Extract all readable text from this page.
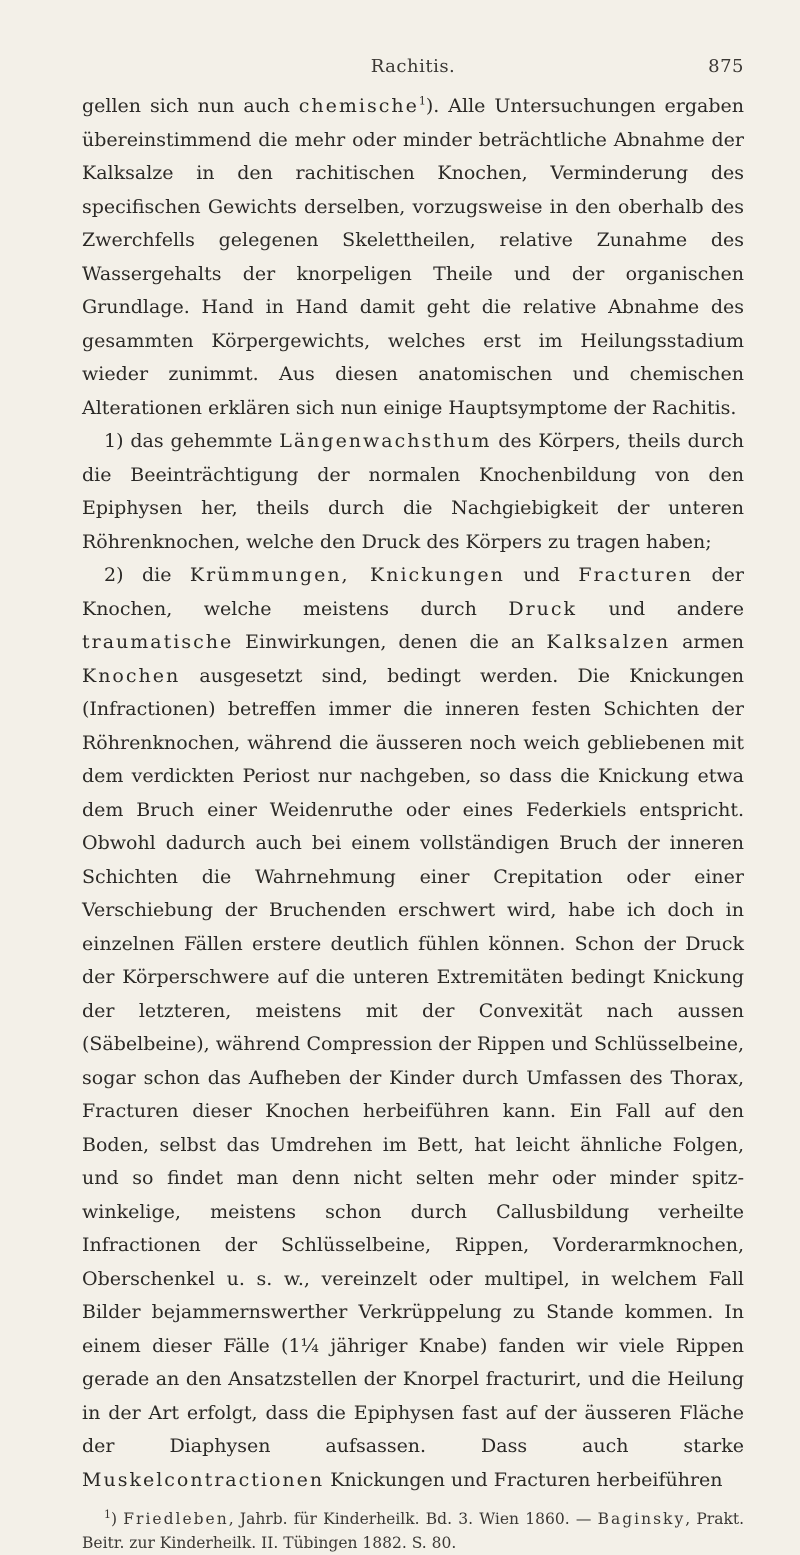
Rachitis.	875

gellen sich nun auch chemische$^1$). Alle Untersuchungen ergaben übereinstimmend die mehr oder minder beträchtliche Abnahme der Kalksalze in den rachitischen Knochen, Verminderung des specifischen Gewichts derselben, vorzugsweise in den oberhalb des Zwerchfells gelegenen Skelettheilen, relative Zunahme des Wassergehalts der knorpeligen Theile und der organischen Grundlage. Hand in Hand damit geht die relative Abnahme des gesammten Körpergewichts, welches erst im Heilungsstadium wieder zunimmt. Aus diesen anatomischen und chemischen Alterationen erklären sich nun einige Hauptsymptome der Rachitis.

1) das gehemmte Längenwachsthum des Körpers, theils durch die Beeinträchtigung der normalen Knochenbildung von den Epiphysen her, theils durch die Nachgiebigkeit der unteren Röhrenknochen, welche den Druck des Körpers zu tragen haben;

2) die Krümmungen, Knickungen und Fracturen der Knochen, welche meistens durch Druck und andere traumatische Einwirkungen, denen die an Kalksalzen armen Knochen ausgesetzt sind, bedingt werden. Die Knickungen (Infractionen) betreffen immer die inneren festen Schichten der Röhrenknochen, während die äusseren noch weich gebliebenen mit dem verdickten Periost nur nachgeben, so dass die Knickung etwa dem Bruch einer Weidenruthe oder eines Federkiels entspricht. Obwohl dadurch auch bei einem vollständigen Bruch der inneren Schichten die Wahrnehmung einer Crepitation oder einer Verschiebung der Bruchenden erschwert wird, habe ich doch in einzelnen Fällen erstere deutlich fühlen können. Schon der Druck der Körperschwere auf die unteren Extremitäten bedingt Knickung der letzteren, meistens mit der Convexität nach aussen (Säbelbeine), während Compression der Rippen und Schlüsselbeine, sogar schon das Aufheben der Kinder durch Umfassen des Thorax, Fracturen dieser Knochen herbeiführen kann. Ein Fall auf den Boden, selbst das Umdrehen im Bett, hat leicht ähnliche Folgen, und so findet man denn nicht selten mehr oder minder spitzwinkelige, meistens schon durch Callusbildung verheilte Infractionen der Schlüsselbeine, Rippen, Vorderarmknochen, Oberschenkel u. s. w., vereinzelt oder multipel, in welchem Fall Bilder bejammernswerther Verkrüppelung zu Stande kommen. In einem dieser Fälle (1¼ jähriger Knabe) fanden wir viele Rippen gerade an den Ansatzstellen der Knorpel fracturirt, und die Heilung in der Art erfolgt, dass die Epiphysen fast auf der äusseren Fläche der Diaphysen aufsassen. Dass auch starke Muskelcontractionen Knickungen und Fracturen herbeiführen

$^1$) Friedleben, Jahrb. für Kinderheilk. Bd. 3. Wien 1860. — Baginsky, Prakt. Beitr. zur Kinderheilk. II. Tübingen 1882. S. 80.
